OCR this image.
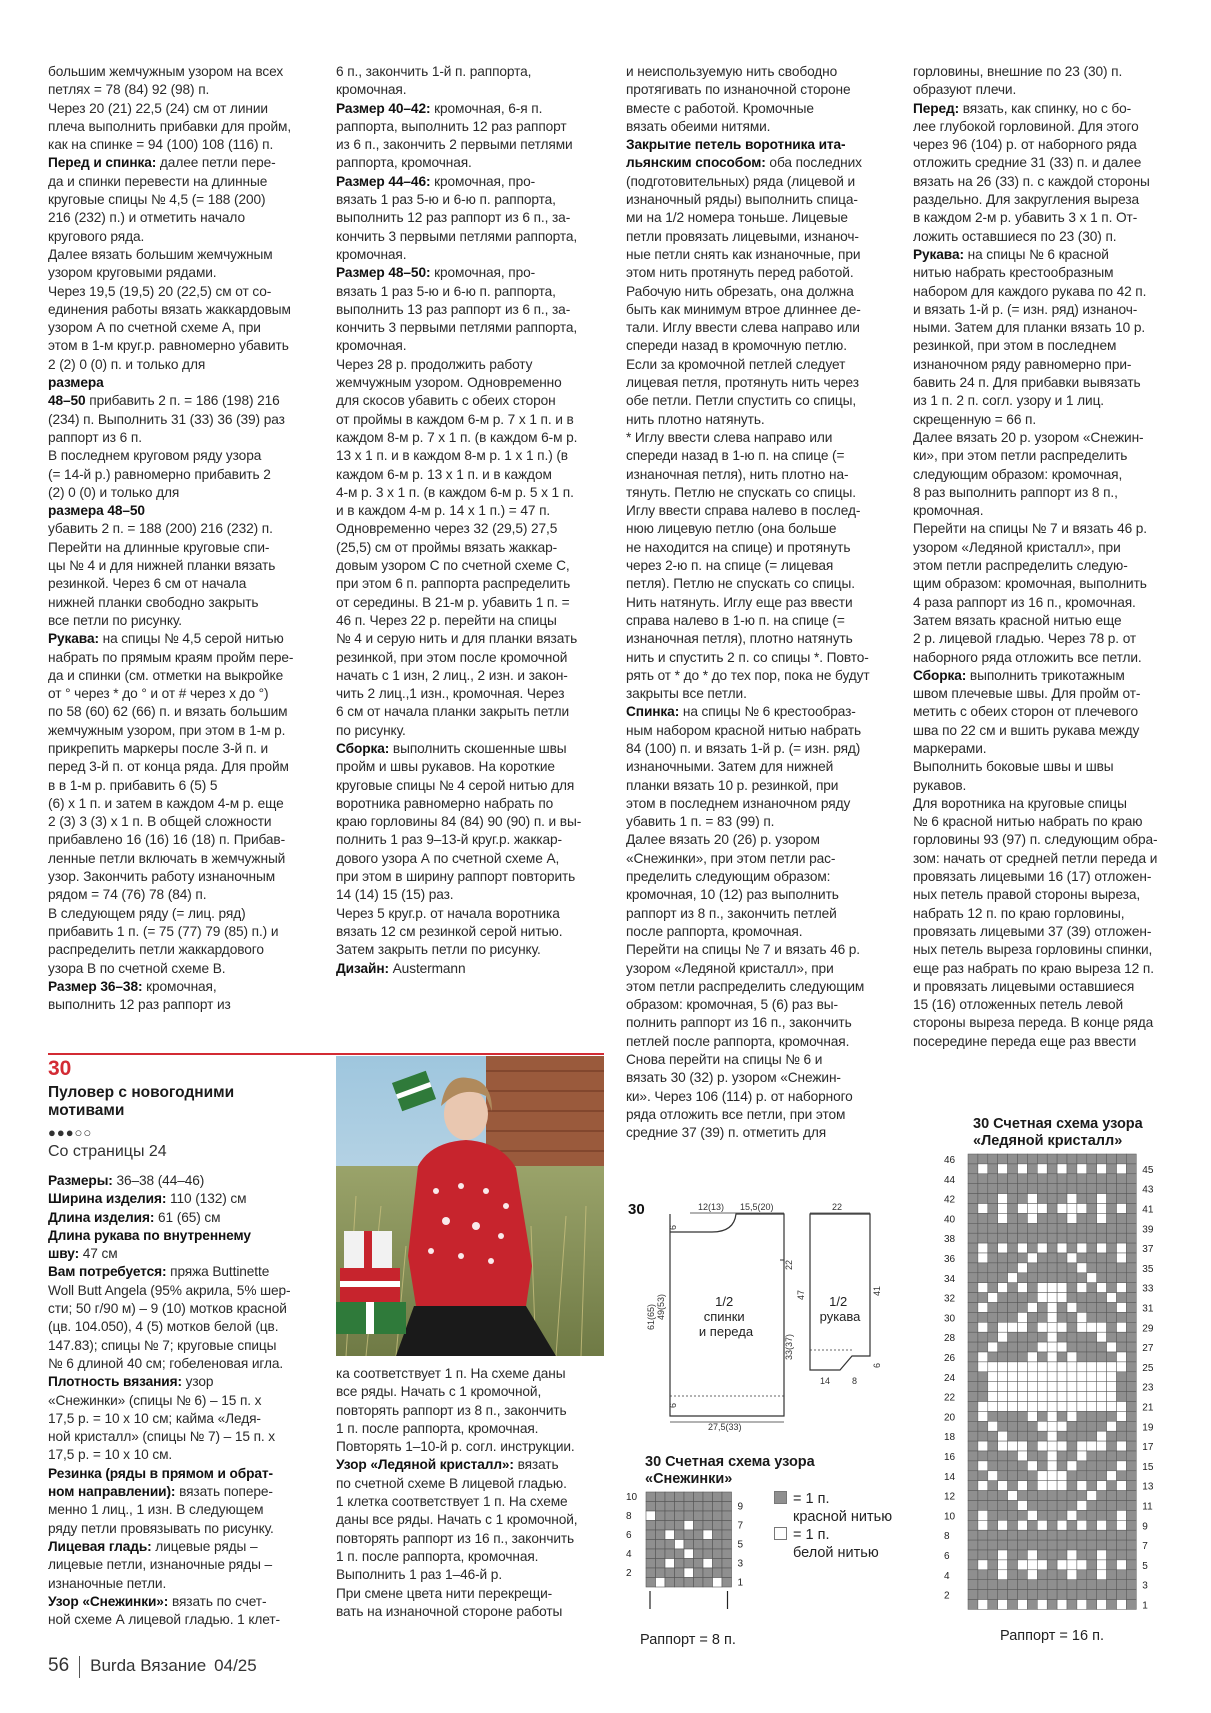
большим жемчужным узором на всех
петлях = 78 (84) 92 (98) п.
Через 20 (21) 22,5 (24) см от линии
плеча выполнить прибавки для пройм,
как на спинке = 94 (100) 108 (116) п.
Перед и спинка: далее петли пере-
да и спинки перевести на длинные
круговые спицы № 4,5 (= 188 (200)
216 (232) п.) и отметить начало
кругового ряда.
Далее вязать большим жемчужным
узором круговыми рядами.
Через 19,5 (19,5) 20 (22,5) см от со-
единения работы вязать жаккардовым
узором А по счетной схеме А, при
этом в 1-м круг.р. равномерно убавить
2 (2) 0 (0) п. и только для
размера
48–50 прибавить 2 п. = 186 (198) 216
(234) п. Выполнить 31 (33) 36 (39) раз
раппорт из 6 п.
В последнем круговом ряду узора
(= 14-й р.) равномерно прибавить 2
(2) 0 (0) и только для
размера 48–50
убавить 2 п. = 188 (200) 216 (232) п.
Перейти на длинные круговые спи-
цы № 4 и для нижней планки вязать
резинкой. Через 6 см от начала
нижней планки свободно закрыть
все петли по рисунку.
Рукава: на спицы № 4,5 серой нитью
набрать по прямым краям пройм пере-
да и спинки (см. отметки на выкройке
от ° через * до ° и от # через х до °)
по 58 (60) 62 (66) п. и вязать большим
жемчужным узором, при этом в 1-м р.
прикрепить маркеры после 3-й п. и
перед 3-й п. от конца ряда. Для пройм
в в 1-м р. прибавить 6 (5) 5
(6) х 1 п. и затем в каждом 4-м р. еще
2 (3) 3 (3) х 1 п. В общей сложности
прибавлено 16 (16) 16 (18) п. Прибав-
ленные петли включать в жемчужный
узор. Закончить работу изнаночным
рядом = 74 (76) 78 (84) п.
В следующем ряду (= лиц. ряд)
прибавить 1 п. (= 75 (77) 79 (85) п.) и
распределить петли жаккардового
узора В по счетной схеме В.
Размер 36–38: кромочная,
выполнить 12 раз раппорт из
6 п., закончить 1-й п. раппорта,
кромочная.
Размер 40–42: кромочная, 6-я п.
раппорта, выполнить 12 раз раппорт
из 6 п., закончить 2 первыми петлями
раппорта, кромочная.
Размер 44–46: кромочная, про-
вязать 1 раз 5-ю и 6-ю п. раппорта,
выполнить 12 раз раппорт из 6 п., за-
кончить 3 первыми петлями раппорта,
кромочная.
Размер 48–50: кромочная, про-
вязать 1 раз 5-ю и 6-ю п. раппорта,
выполнить 13 раз раппорт из 6 п., за-
кончить 3 первыми петлями раппорта,
кромочная.
Через 28 р. продолжить работу
жемчужным узором. Одновременно
для скосов убавить с обеих сторон
от проймы в каждом 6-м р. 7 х 1 п. и в
каждом 8-м р. 7 х 1 п. (в каждом 6-м р.
13 х 1 п. и в каждом 8-м р. 1 х 1 п.) (в
каждом 6-м р. 13 х 1 п. и в каждом
4-м р. 3 х 1 п. (в каждом 6-м р. 5 х 1 п.
и в каждом 4-м р. 14 х 1 п.) = 47 п.
Одновременно через 32 (29,5) 27,5
(25,5) см от проймы вязать жаккар-
довым узором С по счетной схеме С,
при этом 6 п. раппорта распределить
от середины. В 21-м р. убавить 1 п. =
46 п. Через 22 р. перейти на спицы
№ 4 и серую нить и для планки вязать
резинкой, при этом после кромочной
начать с 1 изн, 2 лиц., 2 изн. и закон-
чить 2 лиц.,1 изн., кромочная. Через
6 см от начала планки закрыть петли
по рисунку.
Сборка: выполнить скошенные швы
пройм и швы рукавов. На короткие
круговые спицы № 4 серой нитью для
воротника равномерно набрать по
краю горловины 84 (84) 90 (90) п. и вы-
полнить 1 раз 9–13-й круг.р. жаккар-
дового узора А по счетной схеме А,
при этом в ширину раппорт повторить
14 (14) 15 (15) раз.
Через 5 круг.р. от начала воротника
вязать 12 см резинкой серой нитью.
Затем закрыть петли по рисунку.
Дизайн: Austermann
и неиспользуемую нить свободно
протягивать по изнаночной стороне
вместе с работой. Кромочные
вязать обеими нитями.
Закрытие петель воротника ита-
льянским способом: оба последних
(подготовительных) ряда (лицевой и
изнаночный ряды) выполнить спица-
ми на 1/2 номера тоньше. Лицевые
петли провязать лицевыми, изнаноч-
ные петли снять как изнаночные, при
этом нить протянуть перед работой.
Рабочую нить обрезать, она должна
быть как минимум втрое длиннее де-
тали. Иглу ввести слева направо или
спереди назад в кромочную петлю.
Если за кромочной петлей следует
лицевая петля, протянуть нить через
обе петли. Петли спустить со спицы,
нить плотно натянуть.
* Иглу ввести слева направо или
спереди назад в 1-ю п. на спице (=
изнаночная петля), нить плотно на-
тянуть. Петлю не спускать со спицы.
Иглу ввести справа налево в послед-
нюю лицевую петлю (она больше
не находится на спице) и протянуть
через 2-ю п. на спице (= лицевая
петля). Петлю не спускать со спицы.
Нить натянуть. Иглу еще раз ввести
справа налево в 1-ю п. на спице (=
изнаночная петля), плотно натянуть
нить и спустить 2 п. со спицы *. Повто-
рять от * до * до тех пор, пока не будут
закрыты все петли.
Спинка: на спицы № 6 крестообраз-
ным набором красной нитью набрать
84 (100) п. и вязать 1-й р. (= изн. ряд)
изнаночными. Затем для нижней
планки вязать 10 р. резинкой, при
этом в последнем изнаночном ряду
убавить 1 п. = 83 (99) п.
Далее вязать 20 (26) р. узором
«Снежинки», при этом петли рас-
пределить следующим образом:
кромочная, 10 (12) раз выполнить
раппорт из 8 п., закончить петлей
после раппорта, кромочная.
Перейти на спицы № 7 и вязать 46 р.
узором «Ледяной кристалл», при
этом петли распределить следующим
образом: кромочная, 5 (6) раз вы-
полнить раппорт из 16 п., закончить
петлей после раппорта, кромочная.
Снова перейти на спицы № 6 и
вязать 30 (32) р. узором «Снежин-
ки». Через 106 (114) р. от наборного
ряда отложить все петли, при этом
средние 37 (39) п. отметить для
горловины, внешние по 23 (30) п.
образуют плечи.
Перед: вязать, как спинку, но с бо-
лее глубокой горловиной. Для этого
через 96 (104) р. от наборного ряда
отложить средние 31 (33) п. и далее
вязать на 26 (33) п. с каждой стороны
раздельно. Для закругления выреза
в каждом 2-м р. убавить 3 х 1 п. От-
ложить оставшиеся по 23 (30) п.
Рукава: на спицы № 6 красной
нитью набрать крестообразным
набором для каждого рукава по 42 п.
и вязать 1-й р. (= изн. ряд) изнаноч-
ными. Затем для планки вязать 10 р.
резинкой, при этом в последнем
изнаночном ряду равномерно при-
бавить 24 п. Для прибавки вывязать
из 1 п. 2 п. согл. узору и 1 лиц.
скрещенную = 66 п.
Далее вязать 20 р. узором «Снежин-
ки», при этом петли распределить
следующим образом: кромочная,
8 раз выполнить раппорт из 8 п.,
кромочная.
Перейти на спицы № 7 и вязать 46 р.
узором «Ледяной кристалл», при
этом петли распределить следую-
щим образом: кромочная, выполнить
4 раза раппорт из 16 п., кромочная.
Затем вязать красной нитью еще
2 р. лицевой гладью. Через 78 р. от
наборного ряда отложить все петли.
Сборка: выполнить трикотажным
швом плечевые швы. Для пройм от-
метить с обеих сторон от плечевого
шва по 22 см и вшить рукава между
маркерами.
Выполнить боковые швы и швы
рукавов.
Для воротника на круговые спицы
№ 6 красной нитью набрать по краю
горловины 93 (97) п. следующим обра-
зом: начать от средней петли переда и
провязать лицевыми 16 (17) отложен-
ных петель правой стороны выреза,
набрать 12 п. по краю горловины,
провязать лицевыми 37 (39) отложен-
ных петель выреза горловины спинки,
еще раз набрать по краю выреза 12 п.
и провязать лицевыми оставшиеся
15 (16) отложенных петель левой
стороны выреза переда. В конце ряда
посередине переда еще раз ввести
30
Пуловер с новогодними мотивами
●●●○○
Со страницы 24
Размеры: 36–38 (44–46)
Ширина изделия: 110 (132) см
Длина изделия: 61 (65) см
Длина рукава по внутреннему
шву: 47 см
Вам потребуется: пряжа Buttinette
Woll Butt Angela (95% акрила, 5% шер-
сти; 50 г/90 м) – 9 (10) мотков красной
(цв. 104.050), 4 (5) мотков белой (цв.
147.83); спицы № 7; круговые спицы
№ 6 длиной 40 см; гобеленовая игла.
Плотность вязания: узор
«Снежинки» (спицы № 6) – 15 п. х
17,5 р. = 10 х 10 см; кайма «Ледя-
ной кристалл» (спицы № 7) – 15 п. х
17,5 р. = 10 х 10 см.
Резинка (ряды в прямом и обрат-
ном направлении): вязать попере-
менно 1 лиц., 1 изн. В следующем
ряду петли провязывать по рисунку.
Лицевая гладь: лицевые ряды –
лицевые петли, изнаночные ряды –
изнаночные петли.
Узор «Снежинки»: вязать по счет-
ной схеме А лицевой гладью. 1 клет-
ка соответствует 1 п. На схеме даны
все ряды. Начать с 1 кромочной,
повторять раппорт из 8 п., закончить
1 п. после раппорта, кромочная.
Повторять 1–10-й р. согл. инструкции.
Узор «Ледяной кристалл»: вязать
по счетной схеме В лицевой гладью.
1 клетка соответствует 1 п. На схеме
даны все ряды. Начать с 1 кромочной,
повторять раппорт из 16 п., закончить
1 п. после раппорта, кромочная.
Выполнить 1 раз 1–46-й р.
При смене цвета нити перекрещи-
вать на изнаночной стороне работы
30	12(13) 15,5(20)
61(65) 49(53)
6
22
33(37)
6
27,5(33)
1/2 спинки и переда
22
47	41
6
14 8
1/2 рукава
30 Счетная схема узора
«Снежинки»
10
8
6
4
2
9
7
5
3
1
Раппорт = 8 п.
= 1 п.
красной нитью
= 1 п.
белой нитью
30 Счетная схема узора
«Ледяной кристалл»
46
44
42
40
38
36
34
32
30
28
26
24
22
20
18
16
14
12
10
8
6
4
2
45
43
41
39
37
35
33
31
29
27
25
23
21
19
17
15
13
11
9
7
5
3
1
Раппорт = 16 п.
56 Burda Вязание 04/25
